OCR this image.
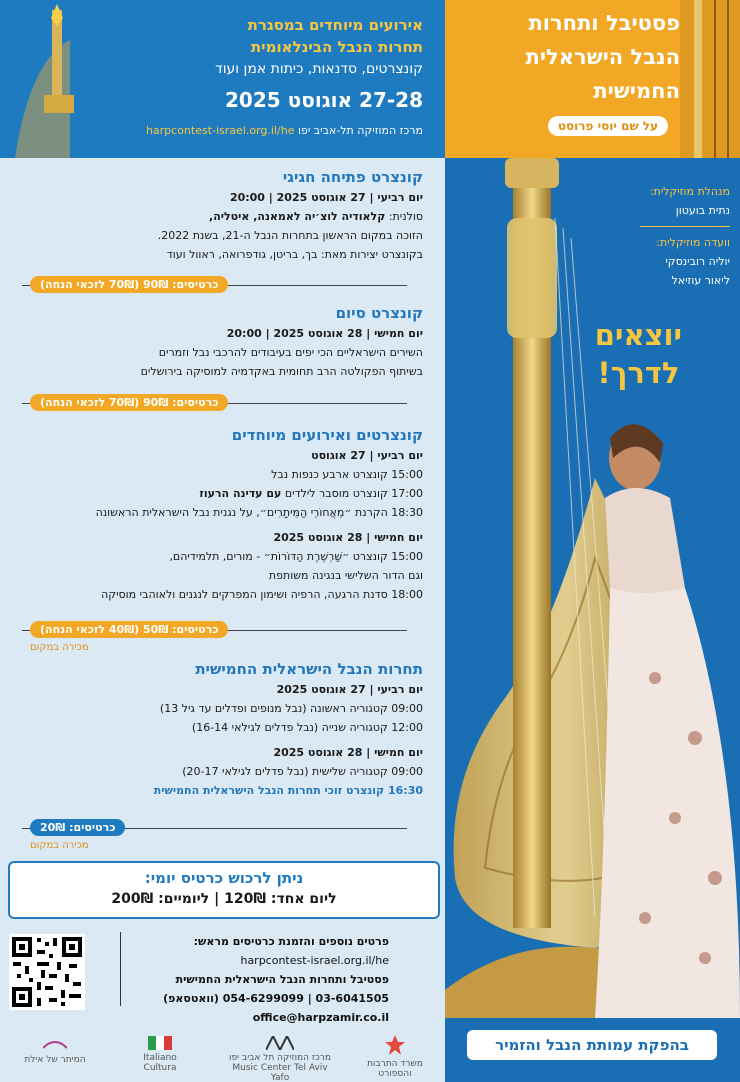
אירועים מיוחדים במסגרת
תחרות הנבל הבינלאומית
קונצרטים, סדנאות, כיתות אמן ועוד
27-28 אוגוסט 2025
מרכז המוזיקה תל-אביב יפו harpcontest-israel.org.il/he
פסטיבל ותחרות
הנבל הישראלית
החמישית
על שם יוסי פרוסט
מנהלת מוזיקלית:
נתית בועטון
וועדה מוזיקלית:
יוליה רובינסקי
ליאור עוזיאל
יוצאים
לדרך!
בהפקת עמותת הנבל והזמיר
קונצרט פתיחה חגיגי
יום רביעי | 27 אוגוסט 2025 | 20:00
סולנית: קלאודיה לוצ׳יה לאמאנה, איטליה,
הזוכה במקום הראשון בתחרות הנבל ה-21, בשנת 2022.
בקונצרט יצירות מאת: בך, בריטן, גודפרואה, ראוול ועוד
כרטיסים: 90₪ (70₪ לזכאי הנחה)
קונצרט סיום
יום חמישי | 28 אוגוסט 2025 | 20:00
השירים הישראליים הכי יפים בעיבודים להרכבי נבל וזמרים
בשיתוף הפקולטה הרב תחומית באקדמיה למוסיקה בירושלים
כרטיסים: 90₪ (70₪ לזכאי הנחה)
קונצרטים ואירועים מיוחדים
יום רביעי | 27 אוגוסט
15:00 קונצרט ארבע כנפות נבל
17:00 קונצרט מוסבר לילדים עם עדינה הרעוז
18:30 הקרנת ״מֵאֲחוֹרֵי הַמֵּיתָרִים״, על נגנית נבל הישראלית הראשונה
יום חמישי | 28 אוגוסט 2025
15:00 קונצרט ״שַׁרְשֶׁרֶת הַדּוֹרוֹת״ - מורים, תלמידיהם,
וגם הדור השלישי בנגינה משותפת
18:00 סדנת הרגעה, הרפיה ושימון המפרקים לנגנים ולאוהבי מוסיקה
כרטיסים: 50₪ (40₪ לזכאי הנחה)
מכירה במקום
תחרות הנבל הישראלית החמישית
יום רביעי | 27 אוגוסט 2025
09:00 קטגוריה ראשונה (נבל מנופים ופדלים עד גיל 13)
12:00 קטגוריה שנייה (נבל פדלים לגילאי 16-14)
יום חמישי | 28 אוגוסט 2025
09:00 קטגוריה שלישית (נבל פדלים לגילאי 20-17)
16:30 קונצרט זוכי תחרות הנבל הישראלית החמישית
כרטיסים: 20₪
מכירה במקום
ניתן לרכוש כרטיס יומי:
ליום אחד: 120₪ | ליומיים: 200₪
פרטים נוספים והזמנת כרטיסים מראש:
harpcontest-israel.org.il/he
פסטיבל ותחרות הנבל הישראלית החמישית
03-6041505 | 054-6299099 (וואטסאפ)
office@harpzamir.co.il
משרד התרבות והספורט
מרכז המוזיקה תל אביב יפו Music Center Tel Aviv Yafo
Italiano Cultura
המיתר של אילת
